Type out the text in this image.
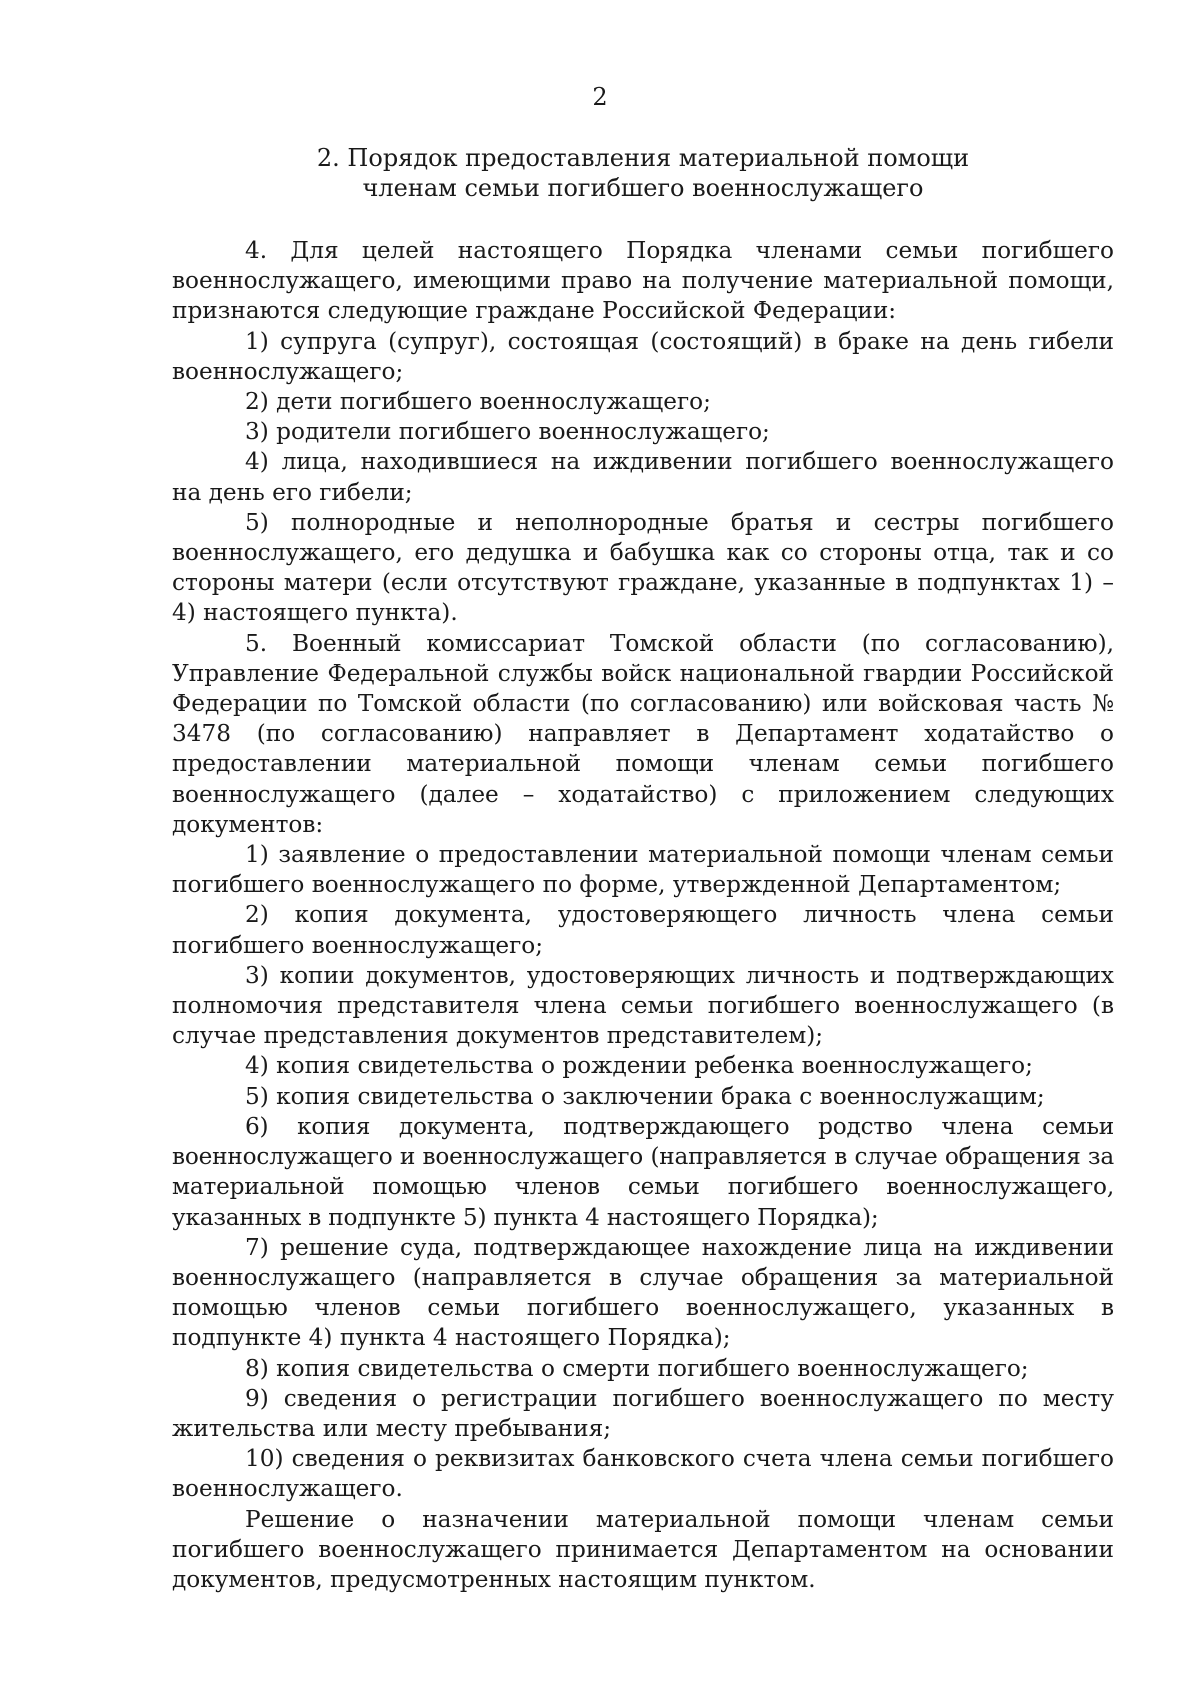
2
2. Порядок предоставления материальной помощи
членам семьи погибшего военнослужащего

4. Для целей настоящего Порядка членами семьи погибшего военнослужащего, имеющими право на получение материальной помощи, признаются следующие граждане Российской Федерации:

1) супруга (супруг), состоящая (состоящий) в браке на день гибели военнослужащего;

2) дети погибшего военнослужащего;

3) родители погибшего военнослужащего;

4) лица, находившиеся на иждивении погибшего военнослужащего на день его гибели;

5) полнородные и неполнородные братья и сестры погибшего военнослужащего, его дедушка и бабушка как со стороны отца, так и со стороны матери (если отсутствуют граждане, указанные в подпунктах 1) – 4) настоящего пункта).

5. Военный комиссариат Томской области (по согласованию), Управление Федеральной службы войск национальной гвардии Российской Федерации по Томской области (по согласованию) или войсковая часть № 3478 (по согласованию) направляет в Департамент ходатайство о предоставлении материальной помощи членам семьи погибшего военнослужащего (далее – ходатайство) с приложением следующих документов:

1) заявление о предоставлении материальной помощи членам семьи погибшего военнослужащего по форме, утвержденной Департаментом;

2) копия документа, удостоверяющего личность члена семьи погибшего военнослужащего;

3) копии документов, удостоверяющих личность и подтверждающих полномочия представителя члена семьи погибшего военнослужащего (в случае представления документов представителем);

4) копия свидетельства о рождении ребенка военнослужащего;

5) копия свидетельства о заключении брака с военнослужащим;

6) копия документа, подтверждающего родство члена семьи военнослужащего и военнослужащего (направляется в случае обращения за материальной помощью членов семьи погибшего военнослужащего, указанных в подпункте 5) пункта 4 настоящего Порядка);

7) решение суда, подтверждающее нахождение лица на иждивении военнослужащего (направляется в случае обращения за материальной помощью членов семьи погибшего военнослужащего, указанных в подпункте 4) пункта 4 настоящего Порядка);

8) копия свидетельства о смерти погибшего военнослужащего;

9) сведения о регистрации погибшего военнослужащего по месту жительства или месту пребывания;

10) сведения о реквизитах банковского счета члена семьи погибшего военнослужащего.

Решение о назначении материальной помощи членам семьи погибшего военнослужащего принимается Департаментом на основании документов, предусмотренных настоящим пунктом.
